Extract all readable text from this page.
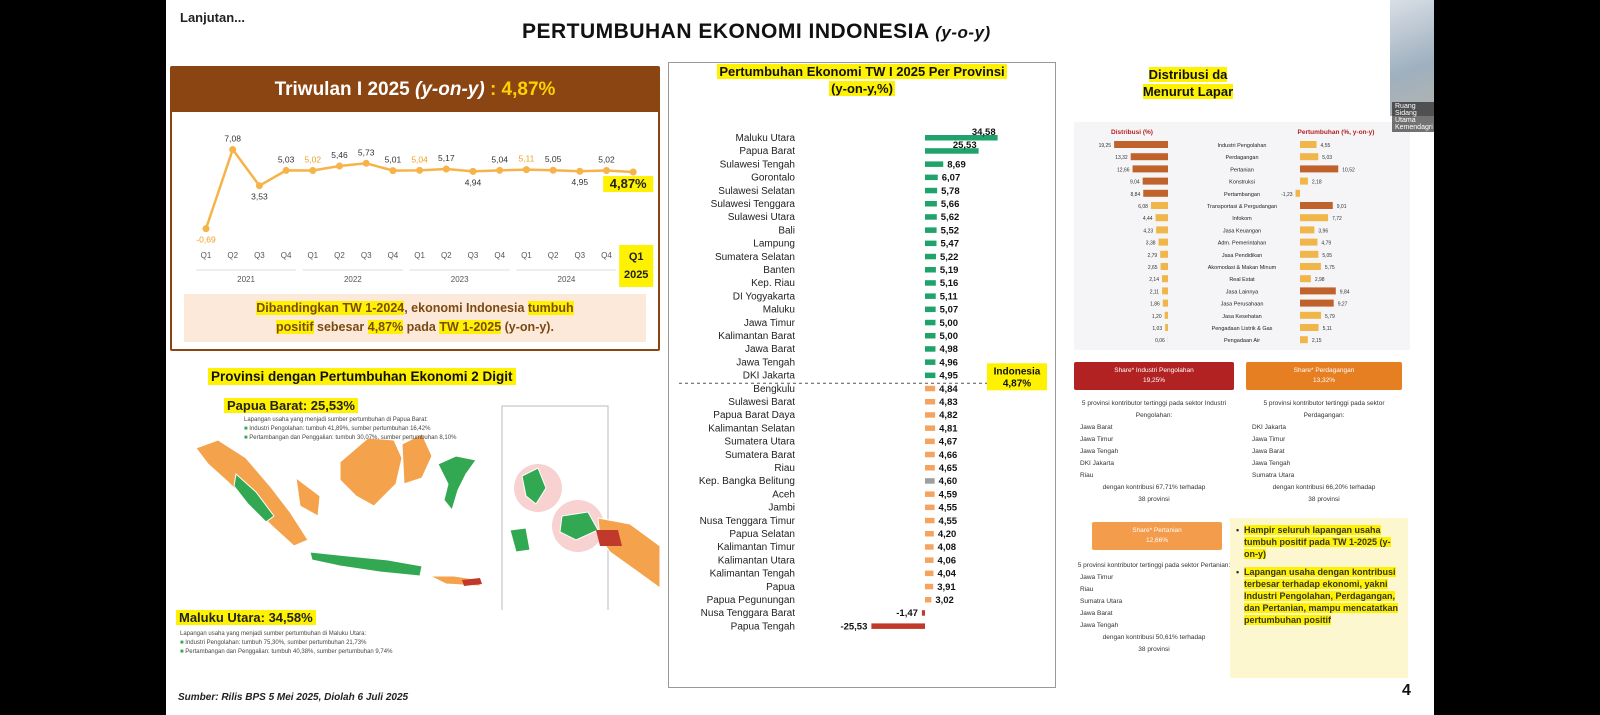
Lanjutan...
PERTUMBUHAN EKONOMI INDONESIA (y-o-y)
Triwulan I 2025 (y-on-y) : 4,87%
-0,69
7,08
3,53
5,03 5,02 5,46 5,73
5,01 5,04 5,17
4,94
5,04 5,11 5,05
4,95
5,02
4,87%
Q1 Q2 Q3 Q4 Q1 Q2 Q3 Q4 Q1 Q2 Q3 Q4 Q1 Q2 Q3 Q4
2021	2022	2023	2024
Q1
2025
Dibandingkan TW 1-2024, ekonomi Indonesia tumbuh
positif sebesar 4,87% pada TW 1-2025 (y-on-y).
Provinsi dengan Pertumbuhan Ekonomi 2 Digit
Papua Barat: 25,53%
Lapangan usaha yang menjadi sumber pertumbuhan di Papua Barat:
■ Industri Pengolahan: tumbuh 41,89%, sumber pertumbuhan 16,42%
■ Pertambangan dan Penggalian: tumbuh 30,07%, sumber pertumbuhan 8,10%
Maluku Utara: 34,58%
Lapangan usaha yang menjadi sumber pertumbuhan di Maluku Utara:
■ Industri Pengolahan: tumbuh 75,30%, sumber pertumbuhan 21,73%
■ Pertambangan dan Penggalian: tumbuh 40,38%, sumber pertumbuhan 9,74%
Sumber: Rilis BPS 5 Mei 2025, Diolah 6 Juli 2025
Pertumbuhan Ekonomi TW I 2025 Per Provinsi
(y-on-y,%)
Maluku Utara
34,58
Papua Barat
25,53
Sulawesi Tengah	8,69
Gorontalo	6,07
Sulawesi Selatan	5,78
Sulawesi Tenggara	5,66
Sulawesi Utara	5,62
Bali	5,52
Lampung	5,47
Sumatera Selatan	5,22
Banten	5,19
Kep. Riau	5,16
DI Yogyakarta	5,11
Maluku	5,07
Jawa Timur	5,00
Kalimantan Barat	5,00
Jawa Barat	4,98
Jawa Tengah	4,96
DKI Jakarta	4,95
Bengkulu	4,84
Sulawesi Barat	4,83
Papua Barat Daya	4,82
Kalimantan Selatan	4,81
Sumatera Utara	4,67
Sumatera Barat	4,66
Riau	4,65
Kep. Bangka Belitung	4,60
Aceh	4,59
Jambi	4,55
Nusa Tenggara Timur	4,55
Papua Selatan	4,20
Kalimantan Timur	4,08
Kalimantan Utara	4,06
Kalimantan Tengah	4,04
Papua	3,91
Papua Pegunungan	3,02
Nusa Tenggara Barat	-1,47
Papua Tengah	-25,53
Indonesia
4,87%
Distribusi da
Menurut Lapar
Distribusi (%)	Pertumbuhan (%, y-on-y)
19,25	Industri Pengolahan	4,55
13,32	Perdagangan	5,03
12,66	Pertanian	10,52
9,04	Konstruksi	2,18
8,84	Pertambangan	-1,23
6,08	Transportasi & Pergudangan	9,01
4,44	Infokom	7,72
4,23	Jasa Keuangan	3,96
3,38	Adm. Pemerintahan	4,79
2,79	Jasa Pendidikan	5,05
2,65	Akomodasi & Makan Minum	5,75
2,14	Real Estat	2,98
2,11	Jasa Lainnya	9,84
1,86	Jasa Perusahaan	9,27
1,20	Jasa Kesehatan	5,79
1,03	Pengadaan Listrik & Gas	5,11
0,06	Pengadaan Air	2,15
Share* Industri Pengolahan
19,25%
Share* Perdagangan
13,32%
5 provinsi kontributor tertinggi pada sektor Industri Pengolahan:
Jawa Barat
Jawa Timur
Jawa Tengah
DKI Jakarta
Riau
dengan kontribusi 67,71% terhadap
38 provinsi
5 provinsi kontributor tertinggi pada sektor Perdagangan:
DKI Jakarta
Jawa Timur
Jawa Barat
Jawa Tengah
Sumatra Utara
dengan kontribusi 66,20% terhadap
38 provinsi
Share* Pertanian
12,66%
5 provinsi kontributor tertinggi pada sektor Pertanian:
Jawa Timur
Riau
Sumatra Utara
Jawa Barat
Jawa Tengah
dengan kontribusi 50,61% terhadap
38 provinsi
• Hampir seluruh lapangan usaha tumbuh positif pada TW 1-2025 (y-on-y)
• Lapangan usaha dengan kontribusi terbesar terhadap ekonomi, yakni Industri Pengolahan, Perdagangan, dan Pertanian, mampu mencatatkan pertumbuhan positif
4
Ruang Sidang Utama Kemendagri
